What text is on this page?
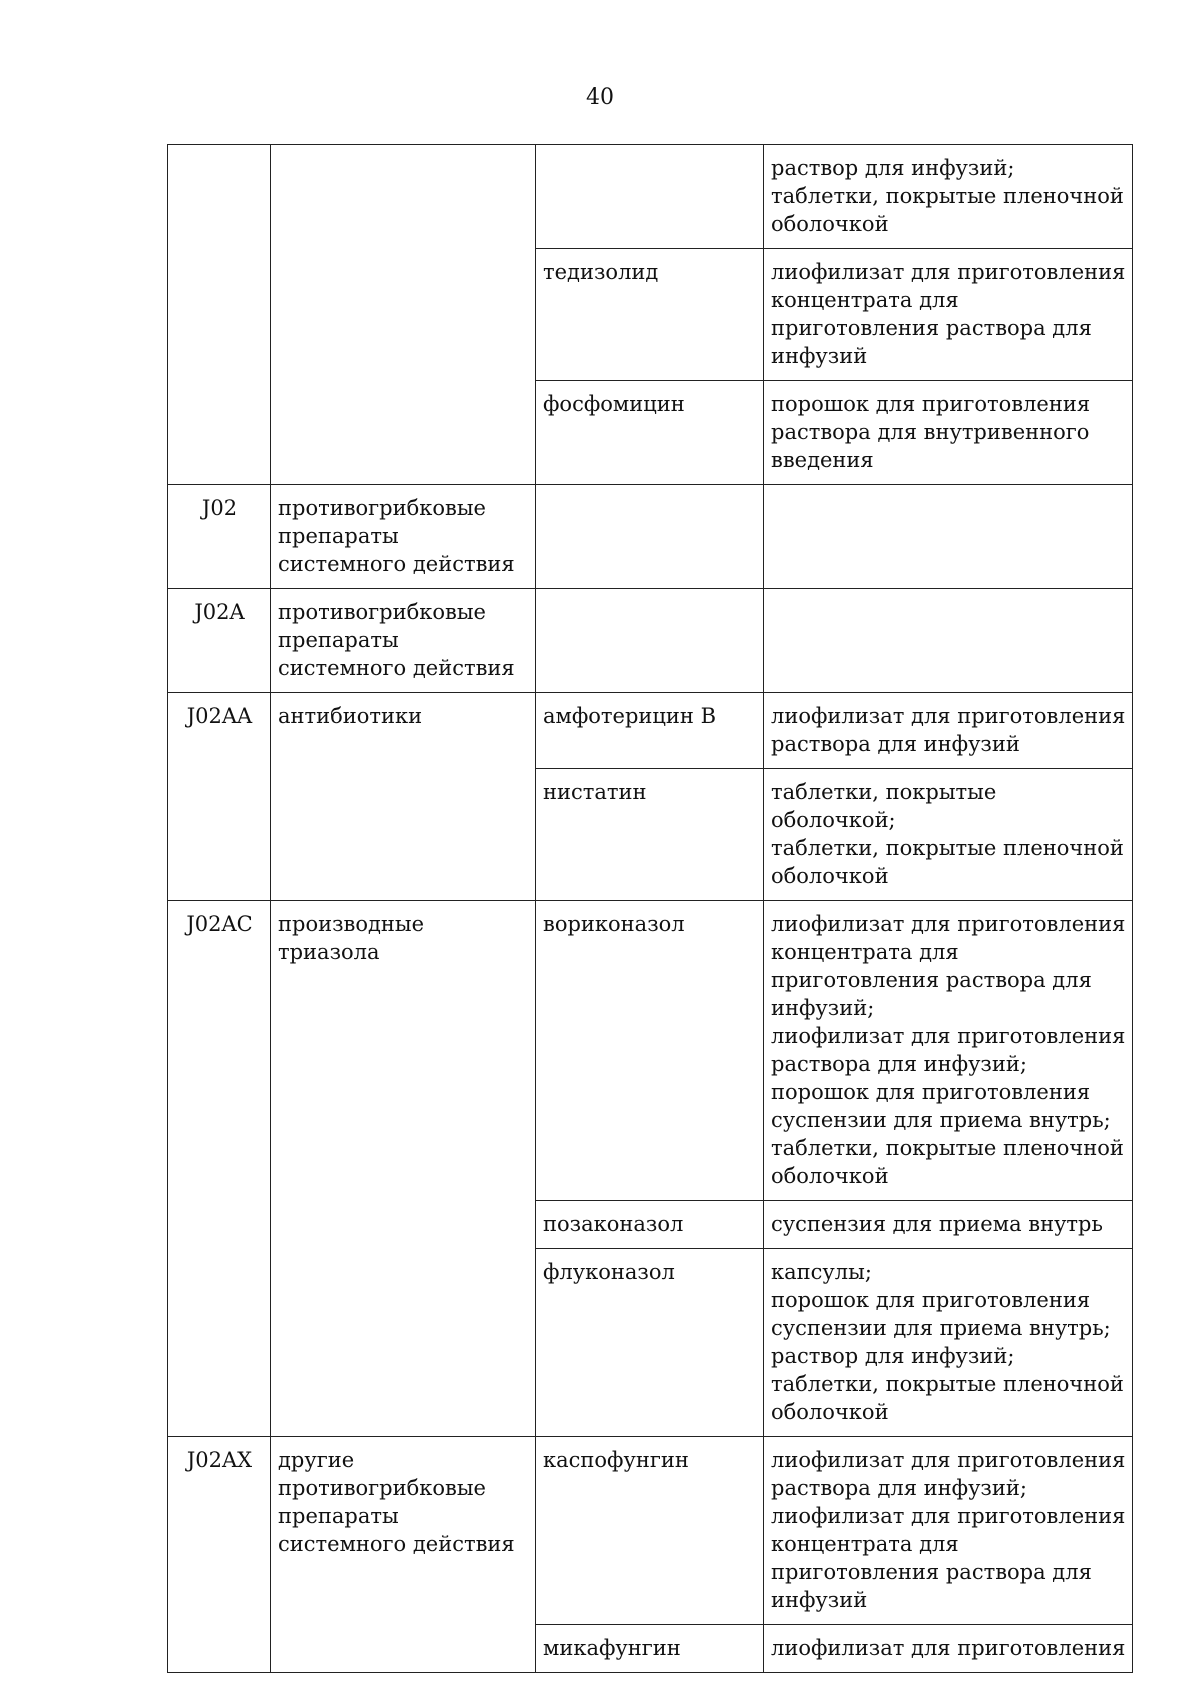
40
			раствор для инфузий;
таблетки, покрытые пленочной оболочкой
		тедизолид	лиофилизат для приготовления концентрата для приготовления раствора для инфузий
		фосфомицин	порошок для приготовления раствора для внутривенного введения
J02	противогрибковые препараты системного действия		
J02A	противогрибковые препараты системного действия		
J02AA	антибиотики	амфотерицин B	лиофилизат для приготовления раствора для инфузий
		нистатин	таблетки, покрытые оболочкой;
таблетки, покрытые пленочной оболочкой
J02AC	производные триазола	вориконазол	лиофилизат для приготовления концентрата для приготовления раствора для инфузий;
лиофилизат для приготовления раствора для инфузий;
порошок для приготовления суспензии для приема внутрь;
таблетки, покрытые пленочной оболочкой
		позаконазол	суспензия для приема внутрь
		флуконазол	капсулы;
порошок для приготовления суспензии для приема внутрь;
раствор для инфузий;
таблетки, покрытые пленочной оболочкой
J02AX	другие противогрибковые препараты системного действия	каспофунгин	лиофилизат для приготовления раствора для инфузий;
лиофилизат для приготовления концентрата для приготовления раствора для инфузий
		микафунгин	лиофилизат для приготовления
